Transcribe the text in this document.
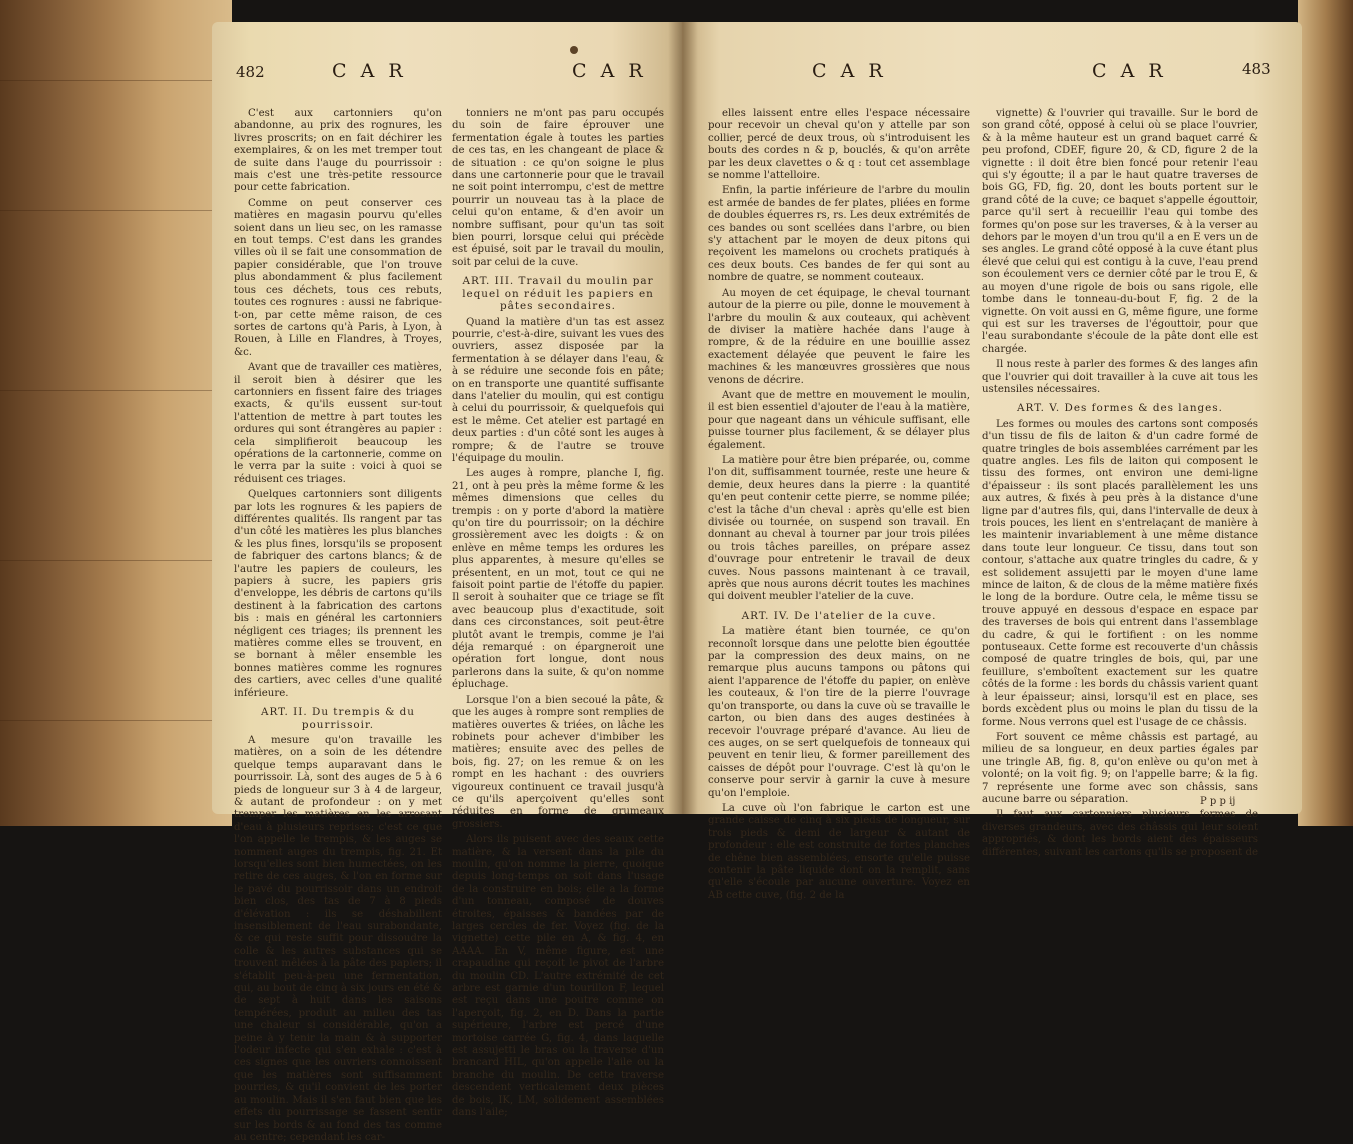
482	C A R	C A R

C'est aux cartonniers qu'on abandonne, au prix des rognures, les livres proscrits; on en fait déchirer les exemplaires, & on les met tremper tout de suite dans l'auge du pourrissoir : mais c'est une très-petite ressource pour cette fabrication.

Comme on peut conserver ces matières en magasin pourvu qu'elles soient dans un lieu sec, on les ramasse en tout temps. C'est dans les grandes villes où il se fait une consommation de papier considérable, que l'on trouve plus abondamment & plus facilement tous ces déchets, tous ces rebuts, toutes ces rognures : aussi ne fabrique-t-on, par cette même raison, de ces sortes de cartons qu'à Paris, à Lyon, à Rouen, à Lille en Flandres, à Troyes, &c.

Avant que de travailler ces matières, il seroit bien à désirer que les cartonniers en fissent faire des triages exacts, & qu'ils eussent sur-tout l'attention de mettre à part toutes les ordures qui sont étrangères au papier : cela simplifieroit beaucoup les opérations de la cartonnerie, comme on le verra par la suite : voici à quoi se réduisent ces triages.

Quelques cartonniers sont diligents par lots les rognures & les papiers de différentes qualités. Ils rangent par tas d'un côté les matières les plus blanches & les plus fines, lorsqu'ils se proposent de fabriquer des cartons blancs; & de l'autre les papiers de couleurs, les papiers à sucre, les papiers gris d'enveloppe, les débris de cartons qu'ils destinent à la fabrication des cartons bis : mais en général les cartonniers négligent ces triages; ils prennent les matières comme elles se trouvent, en se bornant à mêler ensemble les bonnes matières comme les rognures des cartiers, avec celles d'une qualité inférieure.

ART. II. Du trempis & du pourrissoir.

A mesure qu'on travaille les matières, on a soin de les détendre quelque temps auparavant dans le pourrissoir. Là, sont des auges de 5 à 6 pieds de longueur sur 3 à 4 de largeur, & autant de profondeur : on y met tremper les matières en les arrosant d'eau à plusieurs reprises; c'est ce que l'on appelle le trempis, & les auges se nomment auges du trempis, fig. 21. Et lorsqu'elles sont bien humectées, on les retire de ces auges, & l'on en forme sur le pavé du pourrissoir dans un endroit bien clos, des tas de 7 à 8 pieds d'élévation : ils se déshabillent insensiblement de l'eau surabondante, & ce qui reste suffit pour dissoudre la colle & les autres substances qui se trouvent mêlées à la pâte des papiers; il s'établit peu-à-peu une fermentation, qui, au bout de cinq à six jours en été & de sept à huit dans les saisons tempérées, produit au milieu des tas une chaleur si considérable, qu'on a peine à y tenir la main & à supporter l'odeur infecte qui s'en exhale : c'est à ces signes que les ouvriers connoissent que les matières sont suffisamment pourries, & qu'il convient de les porter au moulin. Mais il s'en faut bien que les effets du pourrissage se fassent sentir sur les bords & au fond des tas comme au centre; cependant les car-

tonniers ne m'ont pas paru occupés du soin de faire éprouver une fermentation égale à toutes les parties de ces tas, en les changeant de place & de situation : ce qu'on soigne le plus dans une cartonnerie pour que le travail ne soit point interrompu, c'est de mettre pourrir un nouveau tas à la place de celui qu'on entame, & d'en avoir un nombre suffisant, pour qu'un tas soit bien pourri, lorsque celui qui précède est épuisé, soit par le travail du moulin, soit par celui de la cuve.

ART. III. Travail du moulin par lequel on réduit les papiers en pâtes secondaires.

Quand la matière d'un tas est assez pourrie, c'est-à-dire, suivant les vues des ouvriers, assez disposée par la fermentation à se délayer dans l'eau, & à se réduire une seconde fois en pâte; on en transporte une quantité suffisante dans l'atelier du moulin, qui est contigu à celui du pourrissoir, & quelquefois qui est le même. Cet atelier est partagé en deux parties : d'un côté sont les auges à rompre; & de l'autre se trouve l'équipage du moulin.

Les auges à rompre, planche I, fig. 21, ont à peu près la même forme & les mêmes dimensions que celles du trempis : on y porte d'abord la matière qu'on tire du pourrissoir; on la déchire grossièrement avec les doigts : & on enlève en même temps les ordures les plus apparentes, à mesure qu'elles se présentent, en un mot, tout ce qui ne faisoit point partie de l'étoffe du papier. Il seroit à souhaiter que ce triage se fît avec beaucoup plus d'exactitude, soit dans ces circonstances, soit peut-être plutôt avant le trempis, comme je l'ai déja remarqué : on épargneroit une opération fort longue, dont nous parlerons dans la suite, & qu'on nomme épluchage.

Lorsque l'on a bien secoué la pâte, & que les auges à rompre sont remplies de matières ouvertes & triées, on lâche les robinets pour achever d'imbiber les matières; ensuite avec des pelles de bois, fig. 27; on les remue & on les rompt en les hachant : des ouvriers vigoureux continuent ce travail jusqu'à ce qu'ils aperçoivent qu'elles sont réduites en forme de grumeaux grossiers.

Alors ils puisent avec des seaux cette matière, & la versent dans la pile du moulin, qu'on nomme la pierre, quoique depuis long-temps on soit dans l'usage de la construire en bois; elle a la forme d'un tonneau, composé de douves étroites, épaisses & bandées par de larges cercles de fer. Voyez (fig. de la vignette) cette pile en A, & fig. 4, en AAAA. En V, même figure, est une crapaudine qui reçoit le pivot de l'arbre du moulin CD. L'autre extrémité de cet arbre est garnie d'un tourillon F, lequel est reçu dans une poutre comme on l'aperçoit, fig. 2, en D. Dans la partie supérieure, l'arbre est percé d'une mortoise carrée G, fig. 4, dans laquelle est assujetti le bras ou la traverse d'un brancard HIL, qu'on appelle l'aile ou la branche du moulin. De cette traverse descendent verticalement deux pièces de bois, IK, LM, solidement assemblées dans l'aile;

C A R	C A R	483

elles laissent entre elles l'espace nécessaire pour recevoir un cheval qu'on y attelle par son collier, percé de deux trous, où s'introduisent les bouts des cordes n & p, bouclés, & qu'on arrête par les deux clavettes o & q : tout cet assemblage se nomme l'attelloire.

Enfin, la partie inférieure de l'arbre du moulin est armée de bandes de fer plates, pliées en forme de doubles équerres rs, rs. Les deux extrémités de ces bandes ou sont scellées dans l'arbre, ou bien s'y attachent par le moyen de deux pitons qui reçoivent les mamelons ou crochets pratiqués à ces deux bouts. Ces bandes de fer qui sont au nombre de quatre, se nomment couteaux.

Au moyen de cet équipage, le cheval tournant autour de la pierre ou pile, donne le mouvement à l'arbre du moulin & aux couteaux, qui achèvent de diviser la matière hachée dans l'auge à rompre, & de la réduire en une bouillie assez exactement délayée que peuvent le faire les machines & les manœuvres grossières que nous venons de décrire.

Avant que de mettre en mouvement le moulin, il est bien essentiel d'ajouter de l'eau à la matière, pour que nageant dans un véhicule suffisant, elle puisse tourner plus facilement, & se délayer plus également.

La matière pour être bien préparée, ou, comme l'on dit, suffisamment tournée, reste une heure & demie, deux heures dans la pierre : la quantité qu'en peut contenir cette pierre, se nomme pilée; c'est la tâche d'un cheval : après qu'elle est bien divisée ou tournée, on suspend son travail. En donnant au cheval à tourner par jour trois pilées ou trois tâches pareilles, on prépare assez d'ouvrage pour entretenir le travail de deux cuves. Nous passons maintenant à ce travail, après que nous aurons décrit toutes les machines qui doivent meubler l'atelier de la cuve.

ART. IV. De l'atelier de la cuve.

La matière étant bien tournée, ce qu'on reconnoît lorsque dans une pelotte bien égouttée par la compression des deux mains, on ne remarque plus aucuns tampons ou pâtons qui aient l'apparence de l'étoffe du papier, on enlève les couteaux, & l'on tire de la pierre l'ouvrage qu'on transporte, ou dans la cuve où se travaille le carton, ou bien dans des auges destinées à recevoir l'ouvrage préparé d'avance. Au lieu de ces auges, on se sert quelquefois de tonneaux qui peuvent en tenir lieu, & former pareillement des caisses de dépôt pour l'ouvrage. C'est là qu'on le conserve pour servir à garnir la cuve à mesure qu'on l'emploie.

La cuve où l'on fabrique le carton est une grande caisse de cinq à six pieds de longueur, sur trois pieds & demi de largeur & autant de profondeur : elle est construite de fortes planches de chêne bien assemblées, ensorte qu'elle puisse contenir la pâte liquide dont on la remplit, sans qu'elle s'écoule par aucune ouverture. Voyez en AB cette cuve, (fig. 2 de la

vignette) & l'ouvrier qui travaille. Sur le bord de son grand côté, opposé à celui où se place l'ouvrier, & à la même hauteur est un grand baquet carré & peu profond, CDEF, figure 20, & CD, figure 2 de la vignette : il doit être bien foncé pour retenir l'eau qui s'y égoutte; il a par le haut quatre traverses de bois GG, FD, fig. 20, dont les bouts portent sur le grand côté de la cuve; ce baquet s'appelle égouttoir, parce qu'il sert à recueillir l'eau qui tombe des formes qu'on pose sur les traverses, & à la verser au dehors par le moyen d'un trou qu'il a en E vers un de ses angles. Le grand côté opposé à la cuve étant plus élevé que celui qui est contigu à la cuve, l'eau prend son écoulement vers ce dernier côté par le trou E, & au moyen d'une rigole de bois ou sans rigole, elle tombe dans le tonneau-du-bout F, fig. 2 de la vignette. On voit aussi en G, même figure, une forme qui est sur les traverses de l'égouttoir, pour que l'eau surabondante s'écoule de la pâte dont elle est chargée.

Il nous reste à parler des formes & des langes afin que l'ouvrier qui doit travailler à la cuve ait tous les ustensiles nécessaires.

ART. V. Des formes & des langes.

Les formes ou moules des cartons sont composés d'un tissu de fils de laiton & d'un cadre formé de quatre tringles de bois assemblées carrément par les quatre angles. Les fils de laiton qui composent le tissu des formes, ont environ une demi-ligne d'épaisseur : ils sont placés parallèlement les uns aux autres, & fixés à peu près à la distance d'une ligne par d'autres fils, qui, dans l'intervalle de deux à trois pouces, les lient en s'entrelaçant de manière à les maintenir invariablement à une même distance dans toute leur longueur. Ce tissu, dans tout son contour, s'attache aux quatre tringles du cadre, & y est solidement assujetti par le moyen d'une lame mince de laiton, & de clous de la même matière fixés le long de la bordure. Outre cela, le même tissu se trouve appuyé en dessous d'espace en espace par des traverses de bois qui entrent dans l'assemblage du cadre, & qui le fortifient : on les nomme pontuseaux. Cette forme est recouverte d'un châssis composé de quatre tringles de bois, qui, par une feuillure, s'emboîtent exactement sur les quatre côtés de la forme : les bords du châssis varient quant à leur épaisseur; ainsi, lorsqu'il est en place, ses bords excèdent plus ou moins le plan du tissu de la forme. Nous verrons quel est l'usage de ce châssis.

Fort souvent ce même châssis est partagé, au milieu de sa longueur, en deux parties égales par une tringle AB, fig. 8, qu'on enlève ou qu'on met à volonté; on la voit fig. 9; on l'appelle barre; & la fig. 7 représente une forme avec son châssis, sans aucune barre ou séparation.

Il faut aux cartonniers plusieurs formes de diverses grandeurs, avec des châssis qui leur soient appropriés, & dont les bords aient des épaisseurs différentes, suivant les cartons qu'ils se proposent de

P p p ij
